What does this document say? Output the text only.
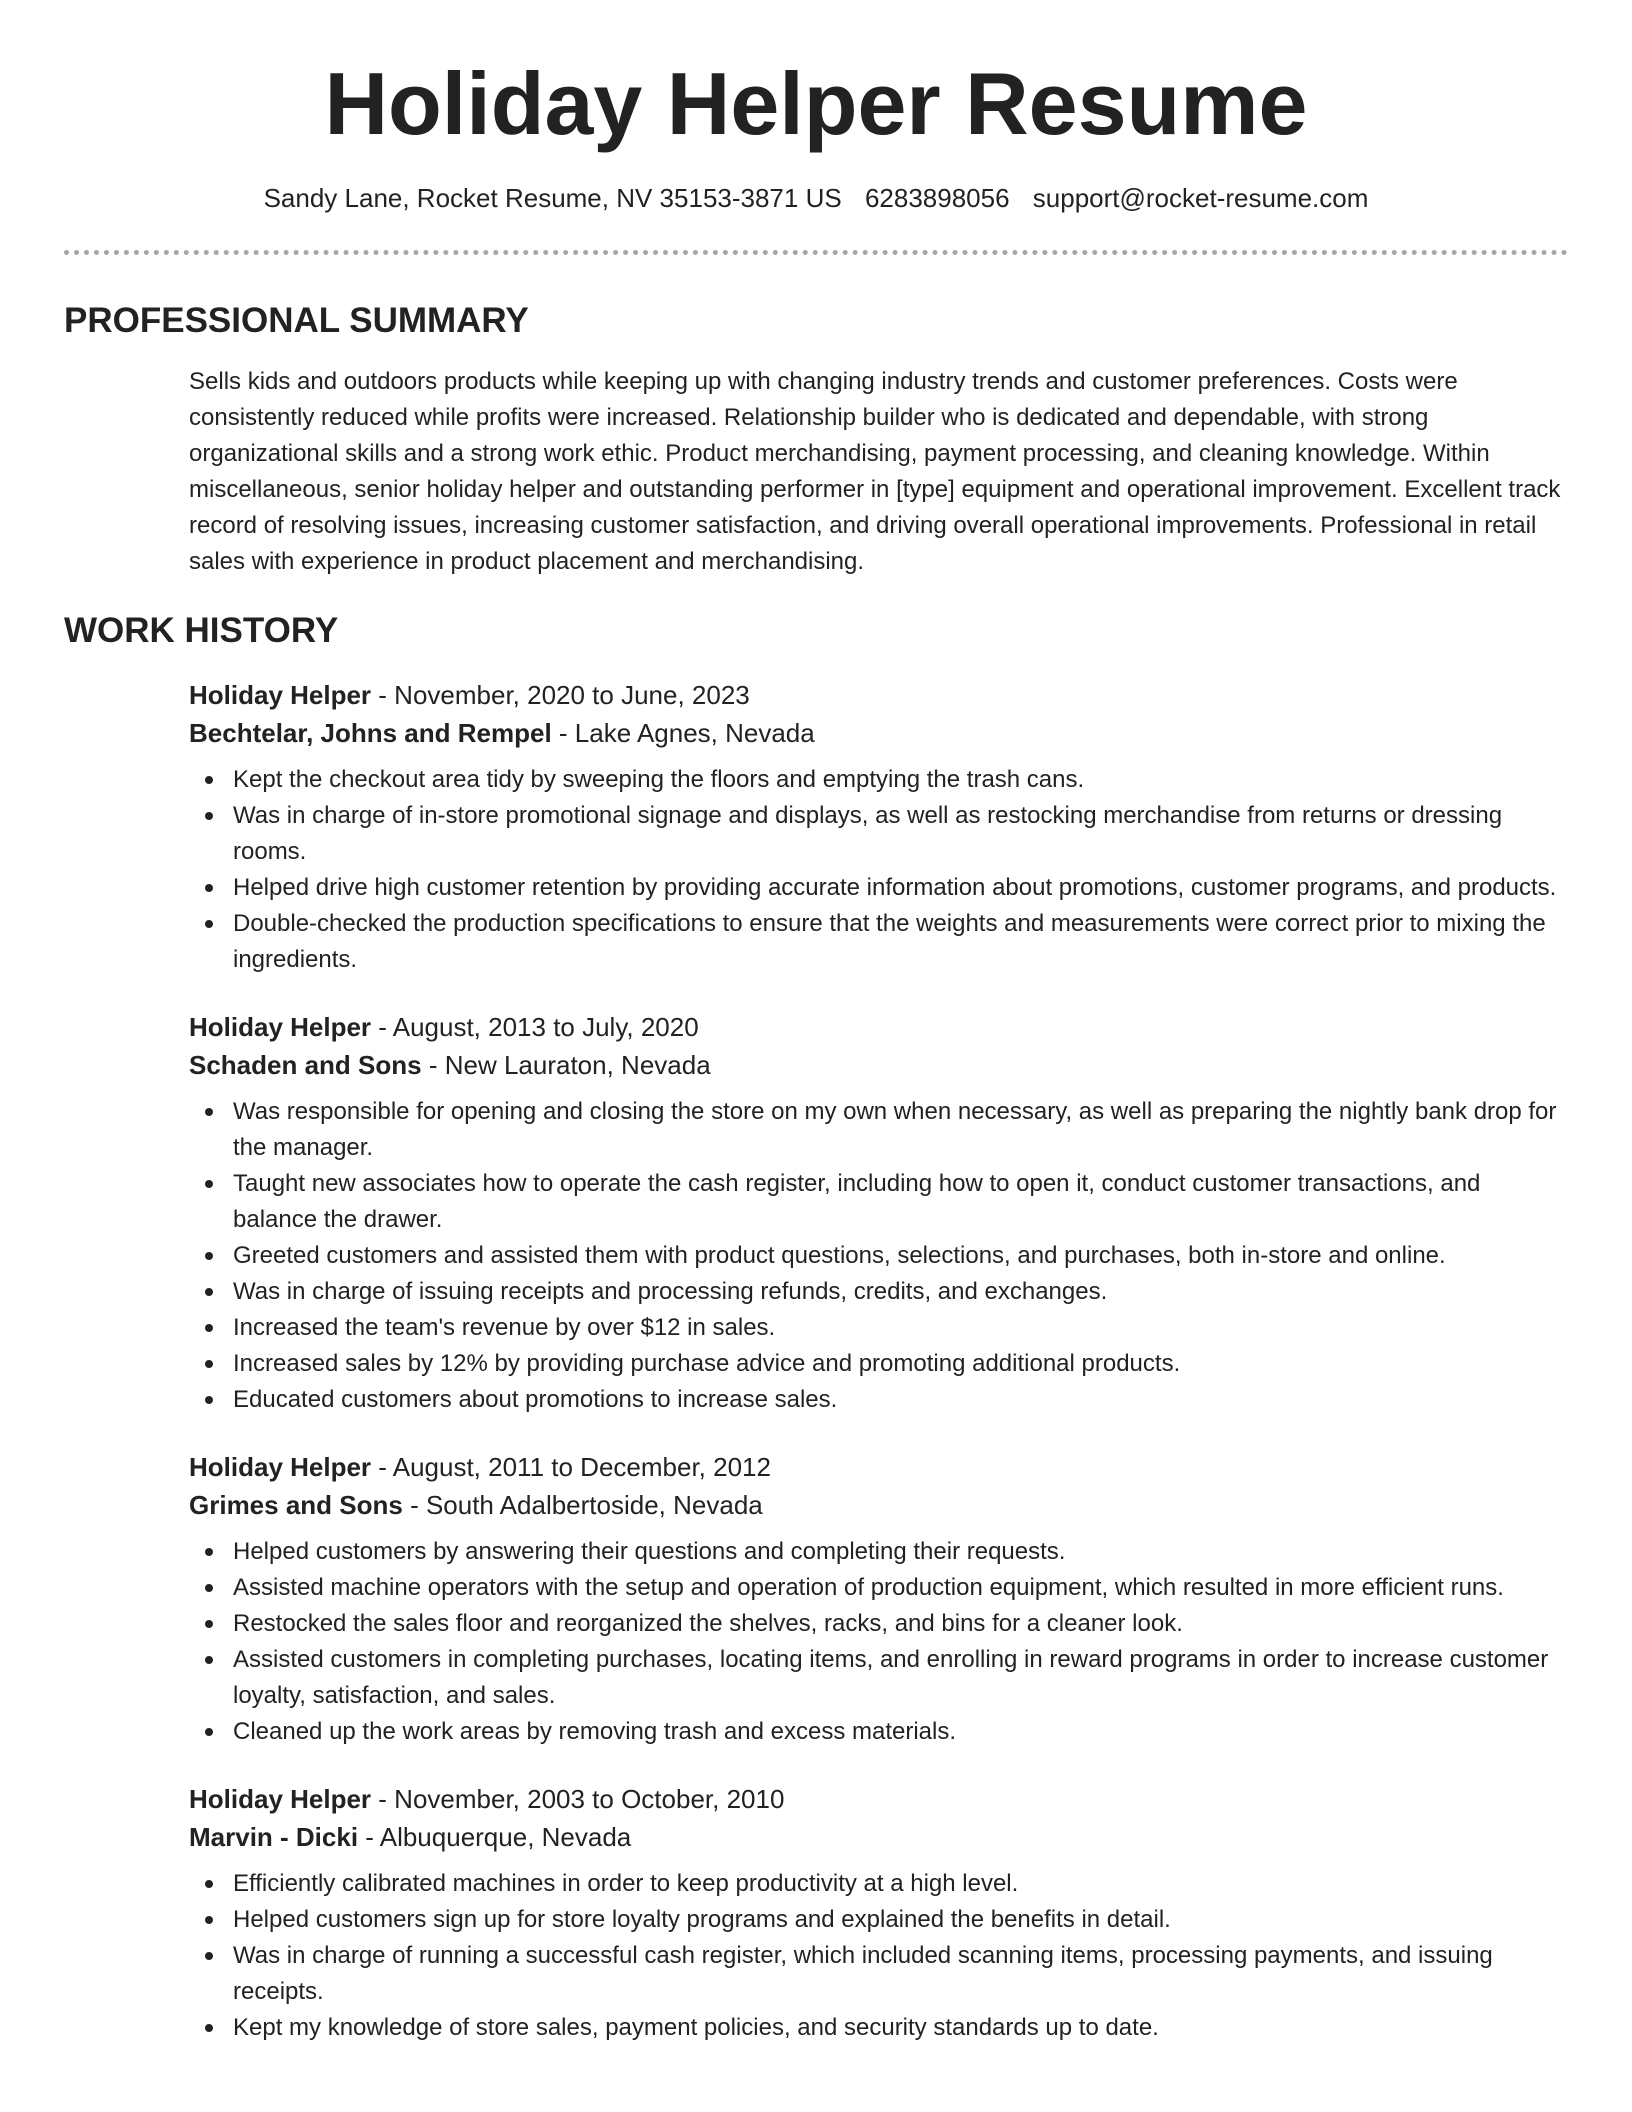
Holiday Helper Resume
Sandy Lane, Rocket Resume, NV 35153-3871 US 6283898056 support@rocket-resume.com
PROFESSIONAL SUMMARY

Sells kids and outdoors products while keeping up with changing industry trends and customer preferences. Costs were consistently reduced while profits were increased. Relationship builder who is dedicated and dependable, with strong organizational skills and a strong work ethic. Product merchandising, payment processing, and cleaning knowledge. Within miscellaneous, senior holiday helper and outstanding performer in [type] equipment and operational improvement. Excellent track record of resolving issues, increasing customer satisfaction, and driving overall operational improvements. Professional in retail sales with experience in product placement and merchandising.

WORK HISTORY
Holiday Helper - November, 2020 to June, 2023
Bechtelar, Johns and Rempel - Lake Agnes, Nevada
Kept the checkout area tidy by sweeping the floors and emptying the trash cans.
Was in charge of in-store promotional signage and displays, as well as restocking merchandise from returns or dressing rooms.
Helped drive high customer retention by providing accurate information about promotions, customer programs, and products.
Double-checked the production specifications to ensure that the weights and measurements were correct prior to mixing the ingredients.
Holiday Helper - August, 2013 to July, 2020
Schaden and Sons - New Lauraton, Nevada
Was responsible for opening and closing the store on my own when necessary, as well as preparing the nightly bank drop for the manager.
Taught new associates how to operate the cash register, including how to open it, conduct customer transactions, and balance the drawer.
Greeted customers and assisted them with product questions, selections, and purchases, both in-store and online.
Was in charge of issuing receipts and processing refunds, credits, and exchanges.
Increased the team's revenue by over $12 in sales.
Increased sales by 12% by providing purchase advice and promoting additional products.
Educated customers about promotions to increase sales.
Holiday Helper - August, 2011 to December, 2012
Grimes and Sons - South Adalbertoside, Nevada
Helped customers by answering their questions and completing their requests.
Assisted machine operators with the setup and operation of production equipment, which resulted in more efficient runs.
Restocked the sales floor and reorganized the shelves, racks, and bins for a cleaner look.
Assisted customers in completing purchases, locating items, and enrolling in reward programs in order to increase customer loyalty, satisfaction, and sales.
Cleaned up the work areas by removing trash and excess materials.
Holiday Helper - November, 2003 to October, 2010
Marvin - Dicki - Albuquerque, Nevada
Efficiently calibrated machines in order to keep productivity at a high level.
Helped customers sign up for store loyalty programs and explained the benefits in detail.
Was in charge of running a successful cash register, which included scanning items, processing payments, and issuing receipts.
Kept my knowledge of store sales, payment policies, and security standards up to date.
